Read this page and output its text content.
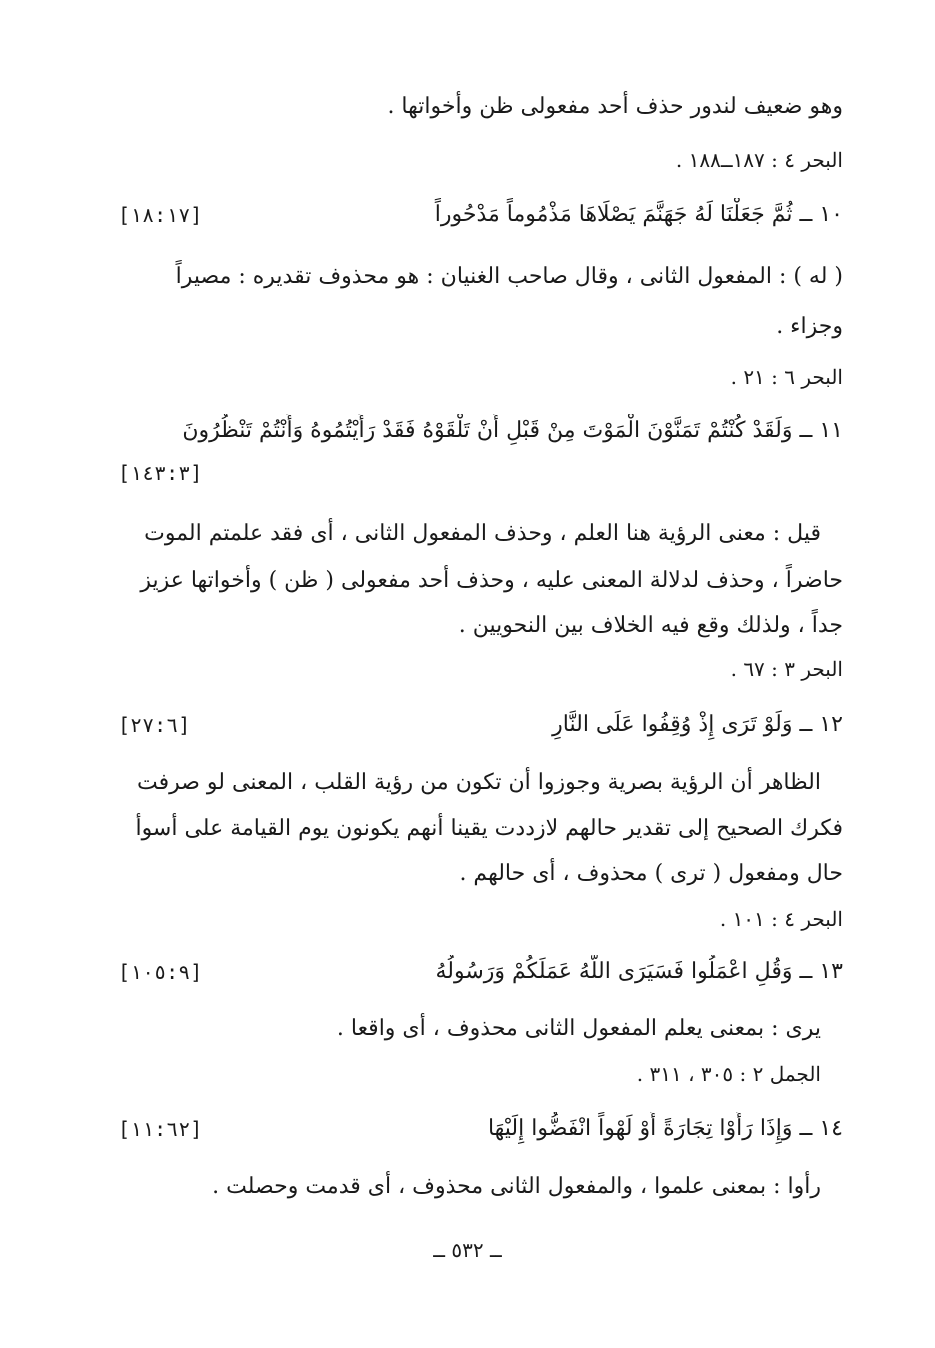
وهو ضعيف لندور حذف أحد مفعولى ظن وأخواتها .
البحر ٤ : ١٨٧ــ١٨٨ .
١٠ ــ ثُمَّ جَعَلْنَا لَهُ جَهَنَّمَ يَصْلَاهَا مَذْمُوماً مَدْحُوراً
[١٨:١٧]
( له ) : المفعول الثانى ، وقال صاحب الغنيان : هو محذوف تقديره : مصيراً
وجزاء .
البحر ٦ : ٢١ .
١١ ــ وَلَقَدْ كُنْتُمْ تَمَنَّوْنَ الْمَوْتَ مِنْ قَبْلِ أَنْ تَلْقَوْهُ فَقَدْ رَأَيْتُمُوهُ وَأَنْتُمْ تَنْظُرُونَ
[١٤٣:٣]
قيل : معنى الرؤية هنا العلم ، وحذف المفعول الثانى ، أى فقد علمتم الموت
حاضراً ، وحذف لدلالة المعنى عليه ، وحذف أحد مفعولى ( ظن ) وأخواتها عزيز
جداً ، ولذلك وقع فيه الخلاف بين النحويين .
البحر ٣ : ٦٧ .
١٢ ــ وَلَوْ تَرَى إِذْ وُقِفُوا عَلَى النَّارِ
[٢٧:٦]
الظاهر أن الرؤية بصرية وجوزوا أن تكون من رؤية القلب ، المعنى لو صرفت
فكرك الصحيح إلى تقدير حالهم لازددت يقينا أنهم يكونون يوم القيامة على أسوأ
حال ومفعول ( ترى ) محذوف ، أى حالهم .
البحر ٤ : ١٠١ .
١٣ ــ وَقُلِ اعْمَلُوا فَسَيَرَى اللَّهُ عَمَلَكُمْ وَرَسُولُهُ
[١٠٥:٩]
يرى : بمعنى يعلم المفعول الثانى محذوف ، أى واقعا .
الجمل ٢ : ٣٠٥ ، ٣١١ .
١٤ ــ وَإِذَا رَأَوْا تِجَارَةً أَوْ لَهْواً انْفَضُّوا إِلَيْهَا
[١١:٦٢]
رأوا : بمعنى علموا ، والمفعول الثانى محذوف ، أى قدمت وحصلت .
ــ ٥٣٢ ــ
